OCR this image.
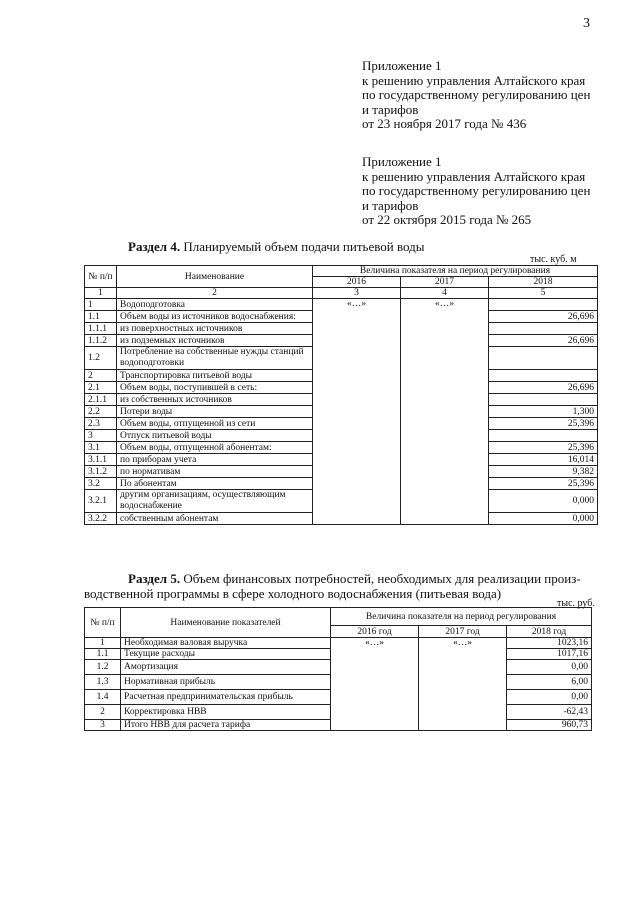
3
Приложение 1
к решению управления Алтайского края
по государственному регулированию цен
и тарифов
от 23 ноября 2017 года № 436
Приложение 1
к решению управления Алтайского края
по государственному регулированию цен
и тарифов
от 22 октября 2015 года № 265
Раздел 4. Планируемый объем подачи питьевой воды
тыс. куб. м
№ п/п	Наименование	Величина показателя на период регулирования		
		2016	2017	2018
1	2	3	4	5
1	Водоподготовка	«…»	«…»	
1.1	Объем воды из источников водоснабжения:			26,696
1.1.1	из поверхностных источников			
1.1.2	из подземных источников			26,696
1.2	Потребление на собственные нужды станций водоподготовки			
2	Транспортировка питьевой воды			
2.1	Объем воды, поступившей в сеть:			26,696
2.1.1	из собственных источников			
2.2	Потери воды			1,300
2.3	Объем воды, отпущенной из сети			25,396
3	Отпуск питьевой воды			
3.1	Объем воды, отпущенной абонентам:			25,396
3.1.1	по приборам учета			16,014
3.1.2	по нормативам			9,382
3.2	По абонентам			25,396
3.2.1	другим организациям, осуществляющим водоснабжение			0,000
3.2.2	собственным абонентам			0,000
Раздел 5. Объем финансовых потребностей, необходимых для реализации произ-
водственной программы в сфере холодного водоснабжения (питьевая вода)
тыс. руб.
№ п/п	Наименование показателей	Величина показателя на период регулирования		
		2016 год	2017 год	2018 год
1	Необходимая валовая выручка	«…»	«…»	1023,16
1.1	Текущие расходы			1017,16
1.2	Амортизация			0,00
1.3	Нормативная прибыль			6,00
1.4	Расчетная предпринимательская прибыль			0,00
2	Корректировка НВВ			-62,43
3	Итого НВВ для расчета тарифа			960,73
